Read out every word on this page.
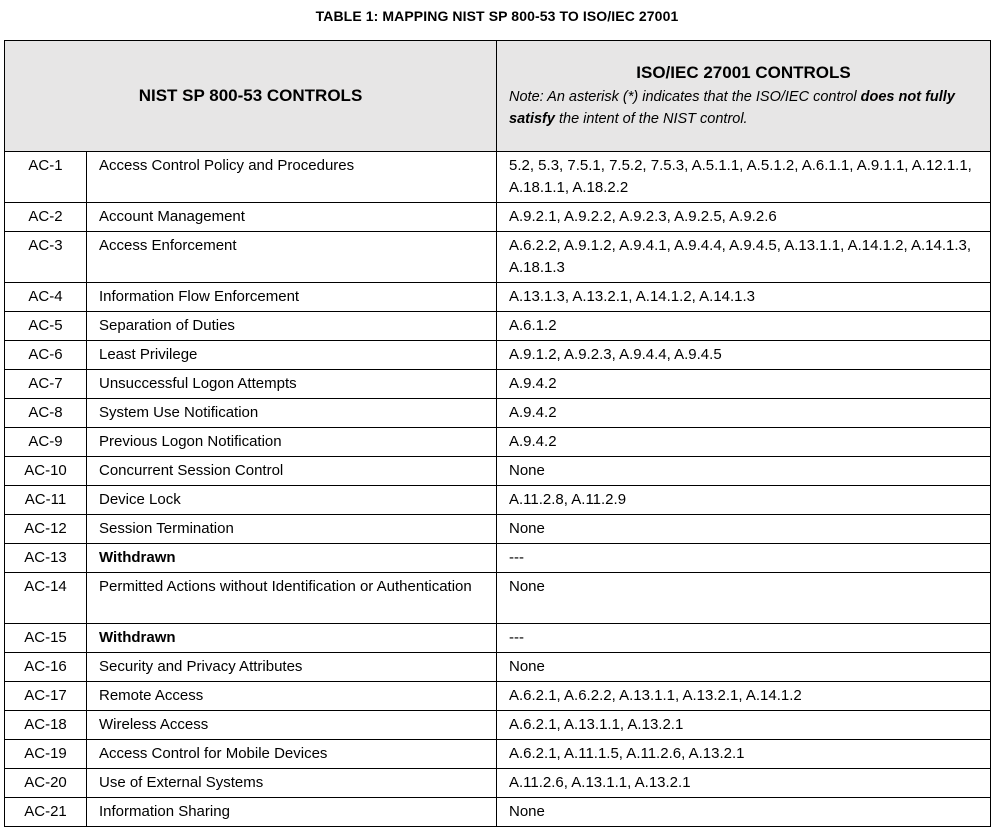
TABLE 1: MAPPING NIST SP 800-53 TO ISO/IEC 27001
NIST SP 800-53 CONTROLS		ISO/IEC 27001 CONTROLS
Note: An asterisk (*) indicates that the ISO/IEC control does not fully satisfy the intent of the NIST control.

AC-1	Access Control Policy and Procedures	5.2, 5.3, 7.5.1, 7.5.2, 7.5.3, A.5.1.1, A.5.1.2, A.6.1.1, A.9.1.1, A.12.1.1, A.18.1.1, A.18.2.2
AC-2	Account Management	A.9.2.1, A.9.2.2, A.9.2.3, A.9.2.5, A.9.2.6
AC-3	Access Enforcement	A.6.2.2, A.9.1.2, A.9.4.1, A.9.4.4, A.9.4.5, A.13.1.1, A.14.1.2, A.14.1.3, A.18.1.3
AC-4	Information Flow Enforcement	A.13.1.3, A.13.2.1, A.14.1.2, A.14.1.3
AC-5	Separation of Duties	A.6.1.2
AC-6	Least Privilege	A.9.1.2, A.9.2.3, A.9.4.4, A.9.4.5
AC-7	Unsuccessful Logon Attempts	A.9.4.2
AC-8	System Use Notification	A.9.4.2
AC-9	Previous Logon Notification	A.9.4.2
AC-10	Concurrent Session Control	None
AC-11	Device Lock	A.11.2.8, A.11.2.9
AC-12	Session Termination	None
AC-13	Withdrawn	---
AC-14	Permitted Actions without Identification or Authentication	None
AC-15	Withdrawn	---
AC-16	Security and Privacy Attributes	None
AC-17	Remote Access	A.6.2.1, A.6.2.2, A.13.1.1, A.13.2.1, A.14.1.2
AC-18	Wireless Access	A.6.2.1, A.13.1.1, A.13.2.1
AC-19	Access Control for Mobile Devices	A.6.2.1, A.11.1.5, A.11.2.6, A.13.2.1
AC-20	Use of External Systems	A.11.2.6, A.13.1.1, A.13.2.1
AC-21	Information Sharing	None
